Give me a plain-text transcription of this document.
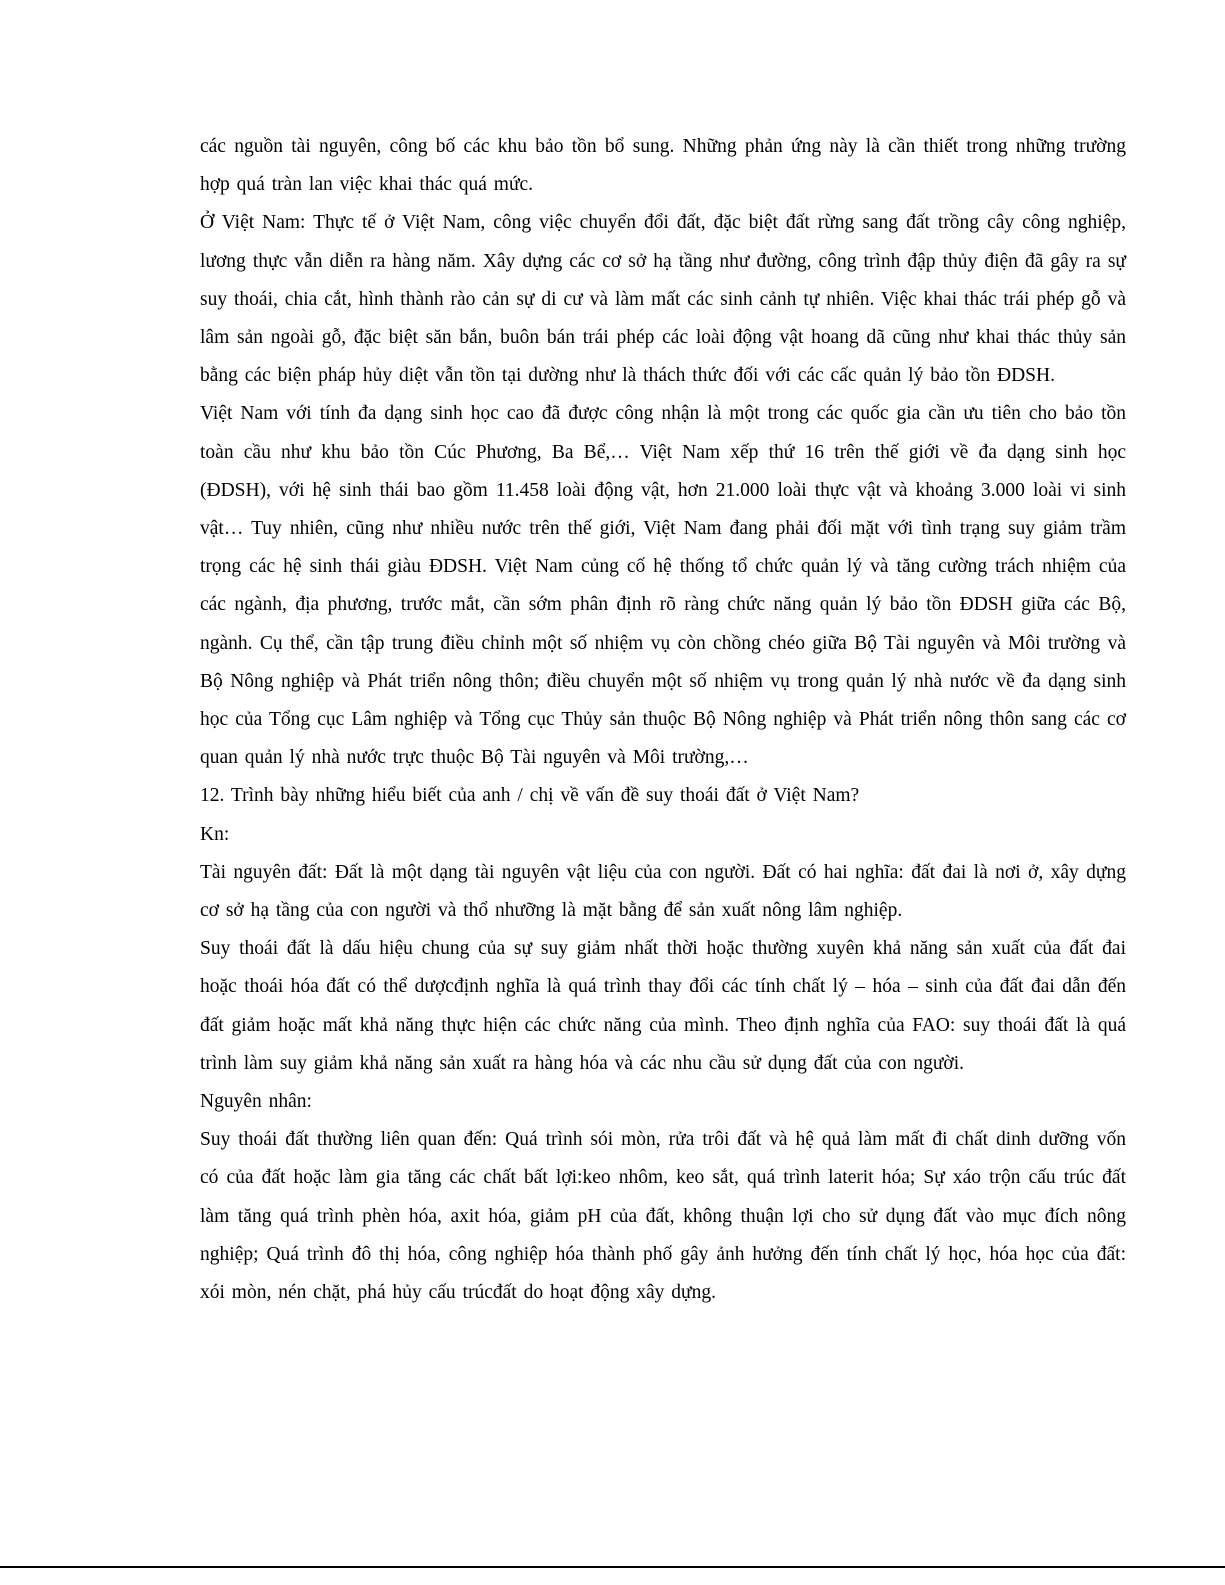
các nguồn tài nguyên, công bố các khu bảo tồn bổ sung. Những phản ứng này là cần thiết trong những trường hợp quá tràn lan việc khai thác quá mức.

Ở Việt Nam: Thực tế ở Việt Nam, công việc chuyển đổi đất, đặc biệt đất rừng sang đất trồng cây công nghiệp, lương thực vẫn diễn ra hàng năm. Xây dựng các cơ sở hạ tầng như đường, công trình đập thủy điện đã gây ra sự suy thoái, chia cắt, hình thành rào cản sự di cư và làm mất các sinh cảnh tự nhiên. Việc khai thác trái phép gỗ và lâm sản ngoài gỗ, đặc biệt săn bắn, buôn bán trái phép các loài động vật hoang dã cũng như khai thác thủy sản bằng các biện pháp hủy diệt vẫn tồn tại dường như là thách thức đối với các cấc quản lý bảo tồn ĐDSH.

Việt Nam với tính đa dạng sinh học cao đã được công nhận là một trong các quốc gia cần ưu tiên cho bảo tồn toàn cầu như khu bảo tồn Cúc Phương, Ba Bể,… Việt Nam xếp thứ 16 trên thế giới về đa dạng sinh học (ĐDSH), với hệ sinh thái bao gồm 11.458 loài động vật, hơn 21.000 loài thực vật và khoảng 3.000 loài vi sinh vật… Tuy nhiên, cũng như nhiều nước trên thế giới, Việt Nam đang phải đối mặt với tình trạng suy giảm trầm trọng các hệ sinh thái giàu ĐDSH. Việt Nam củng cố hệ thống tổ chức quản lý và tăng cường trách nhiệm của các ngành, địa phương, trước mắt, cần sớm phân định rõ ràng chức năng quản lý bảo tồn ĐDSH giữa các Bộ, ngành. Cụ thể, cần tập trung điều chỉnh một số nhiệm vụ còn chồng chéo giữa Bộ Tài nguyên và Môi trường và Bộ Nông nghiệp và Phát triển nông thôn; điều chuyển một số nhiệm vụ trong quản lý nhà nước về đa dạng sinh học của Tổng cục Lâm nghiệp và Tổng cục Thủy sản thuộc Bộ Nông nghiệp và Phát triển nông thôn sang các cơ quan quản lý nhà nước trực thuộc Bộ Tài nguyên và Môi trường,…

12. Trình bày những hiểu biết của anh / chị về vấn đề suy thoái đất ở Việt Nam?

Kn:

Tài nguyên đất: Đất là một dạng tài nguyên vật liệu của con người. Đất có hai nghĩa: đất đai là nơi ở, xây dựng cơ sở hạ tầng của con người và thổ nhưỡng là mặt bằng để sản xuất nông lâm nghiệp.

Suy thoái đất là dấu hiệu chung của sự suy giảm nhất thời hoặc thường xuyên khả năng sản xuất của đất đai hoặc thoái hóa đất có thể dượcđịnh nghĩa là quá trình thay đổi các tính chất lý – hóa – sinh của đất đai dẫn đến đất giảm hoặc mất khả năng thực hiện các chức năng của mình. Theo định nghĩa của FAO: suy thoái đất là quá trình làm suy giảm khả năng sản xuất ra hàng hóa và các nhu cầu sử dụng đất của con người.

Nguyên nhân:

Suy thoái đất thường liên quan đến: Quá trình sói mòn, rửa trôi đất và hệ quả làm mất đi chất dinh dưỡng vốn có của đất hoặc làm gia tăng các chất bất lợi:keo nhôm, keo sắt, quá trình laterit hóa; Sự xáo trộn cấu trúc đất làm tăng quá trình phèn hóa, axit hóa, giảm pH của đất, không thuận lợi cho sử dụng đất vào mục đích nông nghiệp; Quá trình đô thị hóa, công nghiệp hóa thành phố gây ảnh hưởng đến tính chất lý học, hóa học của đất: xói mòn, nén chặt, phá hủy cấu trúcđất do hoạt động xây dựng.
